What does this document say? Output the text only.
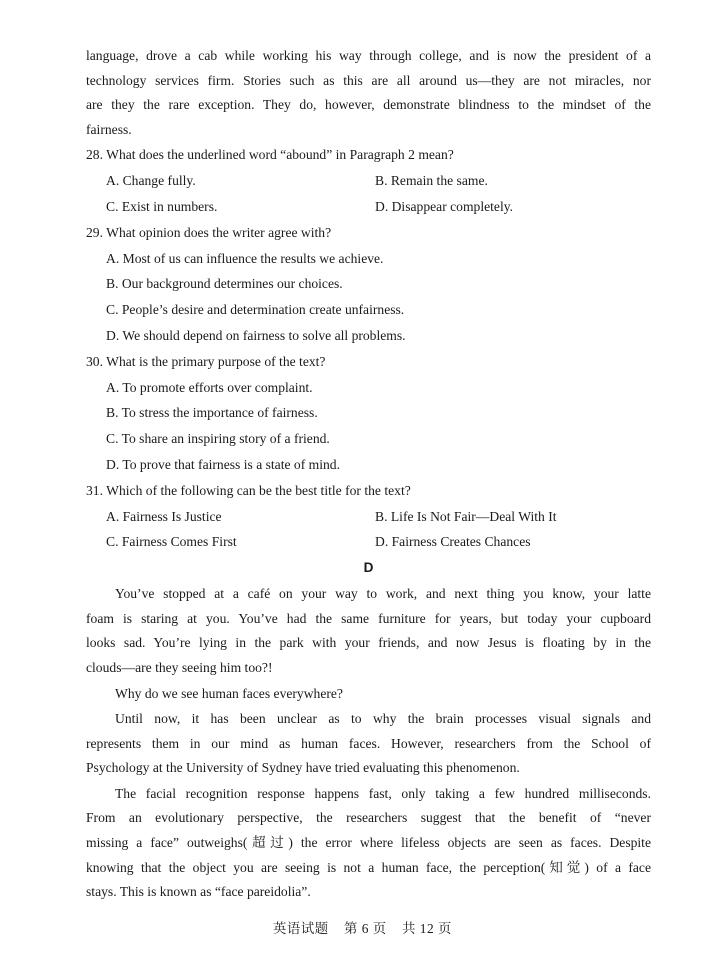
language, drove a cab while working his way through college, and is now the president of a
technology services firm. Stories such as this are all around us—they are not miracles, nor
are they the rare exception. They do, however, demonstrate blindness to the mindset of the
fairness.
28. What does the underlined word “abound” in Paragraph 2 mean?
A. Change fully.	B. Remain the same.
C. Exist in numbers.	D. Disappear completely.
29. What opinion does the writer agree with?
A. Most of us can influence the results we achieve.
B. Our background determines our choices.
C. People’s desire and determination create unfairness.
D. We should depend on fairness to solve all problems.
30. What is the primary purpose of the text?
A. To promote efforts over complaint.
B. To stress the importance of fairness.
C. To share an inspiring story of a friend.
D. To prove that fairness is a state of mind.
31. Which of the following can be the best title for the text?
A. Fairness Is Justice	B. Life Is Not Fair—Deal With It
C. Fairness Comes First	D. Fairness Creates Chances
D
You’ve stopped at a café on your way to work, and next thing you know, your latte
foam is staring at you. You’ve had the same furniture for years, but today your cupboard
looks sad. You’re lying in the park with your friends, and now Jesus is floating by in the
clouds—are they seeing him too?!
Why do we see human faces everywhere?
Until now, it has been unclear as to why the brain processes visual signals and
represents them in our mind as human faces. However, researchers from the School of
Psychology at the University of Sydney have tried evaluating this phenomenon.
The facial recognition response happens fast, only taking a few hundred milliseconds.
From an evolutionary perspective, the researchers suggest that the benefit of “never
missing a face” outweighs(超过) the error where lifeless objects are seen as faces. Despite
knowing that the object you are seeing is not a human face, the perception(知觉) of a face
stays. This is known as “face pareidolia”.
英语试题    第 6 页    共 12 页
